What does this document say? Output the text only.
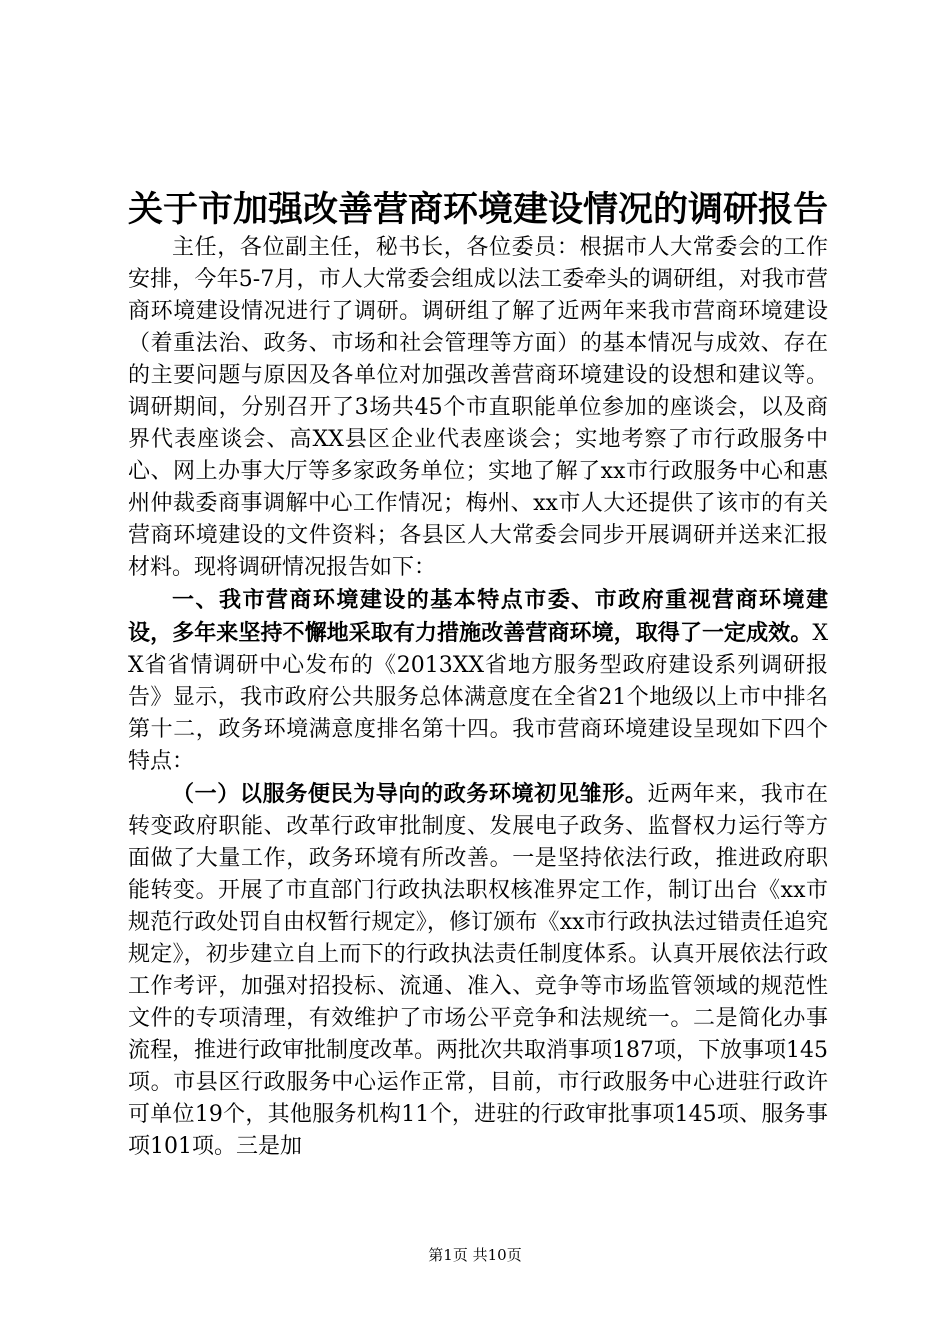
关于市加强改善营商环境建设情况的调研报告

主任，各位副主任，秘书长，各位委员：根据市人大常委会的工作安排，今年5-7月，市人大常委会组成以法工委牵头的调研组，对我市营商环境建设情况进行了调研。调研组了解了近两年来我市营商环境建设（着重法治、政务、市场和社会管理等方面）的基本情况与成效、存在的主要问题与原因及各单位对加强改善营商环境建设的设想和建议等。调研期间，分别召开了3场共45个市直职能单位参加的座谈会，以及商界代表座谈会、高XX县区企业代表座谈会；实地考察了市行政服务中心、网上办事大厅等多家政务单位；实地了解了xx市行政服务中心和惠州仲裁委商事调解中心工作情况；梅州、xx市人大还提供了该市的有关营商环境建设的文件资料；各县区人大常委会同步开展调研并送来汇报材料。现将调研情况报告如下：

一、我市营商环境建设的基本特点市委、市政府重视营商环境建设，多年来坚持不懈地采取有力措施改善营商环境，取得了一定成效。XX省省情调研中心发布的《2013XX省地方服务型政府建设系列调研报告》显示，我市政府公共服务总体满意度在全省21个地级以上市中排名第十二，政务环境满意度排名第十四。我市营商环境建设呈现如下四个特点：

（一）以服务便民为导向的政务环境初见雏形。近两年来，我市在转变政府职能、改革行政审批制度、发展电子政务、监督权力运行等方面做了大量工作，政务环境有所改善。一是坚持依法行政，推进政府职能转变。开展了市直部门行政执法职权核准界定工作，制订出台《xx市规范行政处罚自由权暂行规定》，修订颁布《xx市行政执法过错责任追究规定》，初步建立自上而下的行政执法责任制度体系。认真开展依法行政工作考评，加强对招投标、流通、准入、竞争等市场监管领域的规范性文件的专项清理，有效维护了市场公平竞争和法规统一。二是简化办事流程，推进行政审批制度改革。两批次共取消事项187项，下放事项145项。市县区行政服务中心运作正常，目前，市行政服务中心进驻行政许可单位19个，其他服务机构11个，进驻的行政审批事项145项、服务事项101项。三是加

第1页 共10页
